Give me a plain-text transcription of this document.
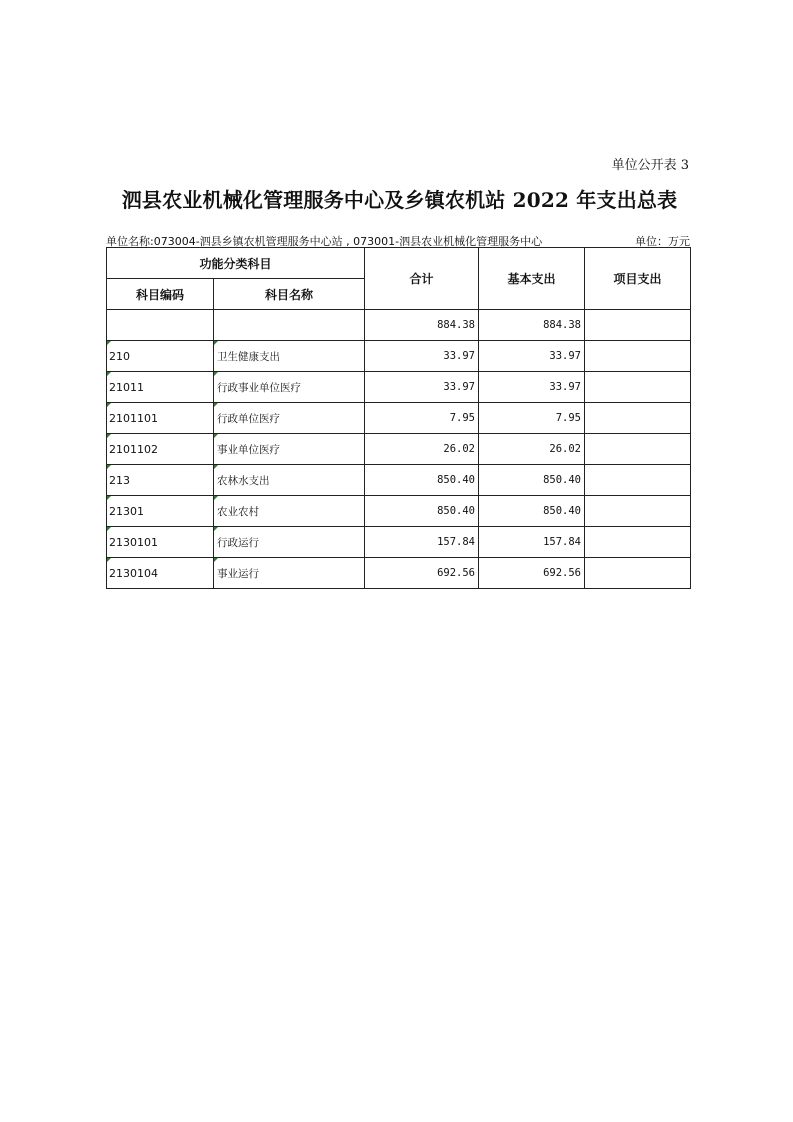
单位公开表 3
泗县农业机械化管理服务中心及乡镇农机站 2022 年支出总表
单位名称:073004-泗县乡镇农机管理服务中心站 , 073001-泗县农业机械化管理服务中心	单位：万元
功能分类科目		合计	基本支出	项目支出
科目编码	科目名称			
		884.38	884.38	
210	卫生健康支出	33.97	33.97	
21011	行政事业单位医疗	33.97	33.97	
2101101	行政单位医疗	7.95	7.95	
2101102	事业单位医疗	26.02	26.02	
213	农林水支出	850.40	850.40	
21301	农业农村	850.40	850.40	
2130101	行政运行	157.84	157.84	
2130104	事业运行	692.56	692.56	
